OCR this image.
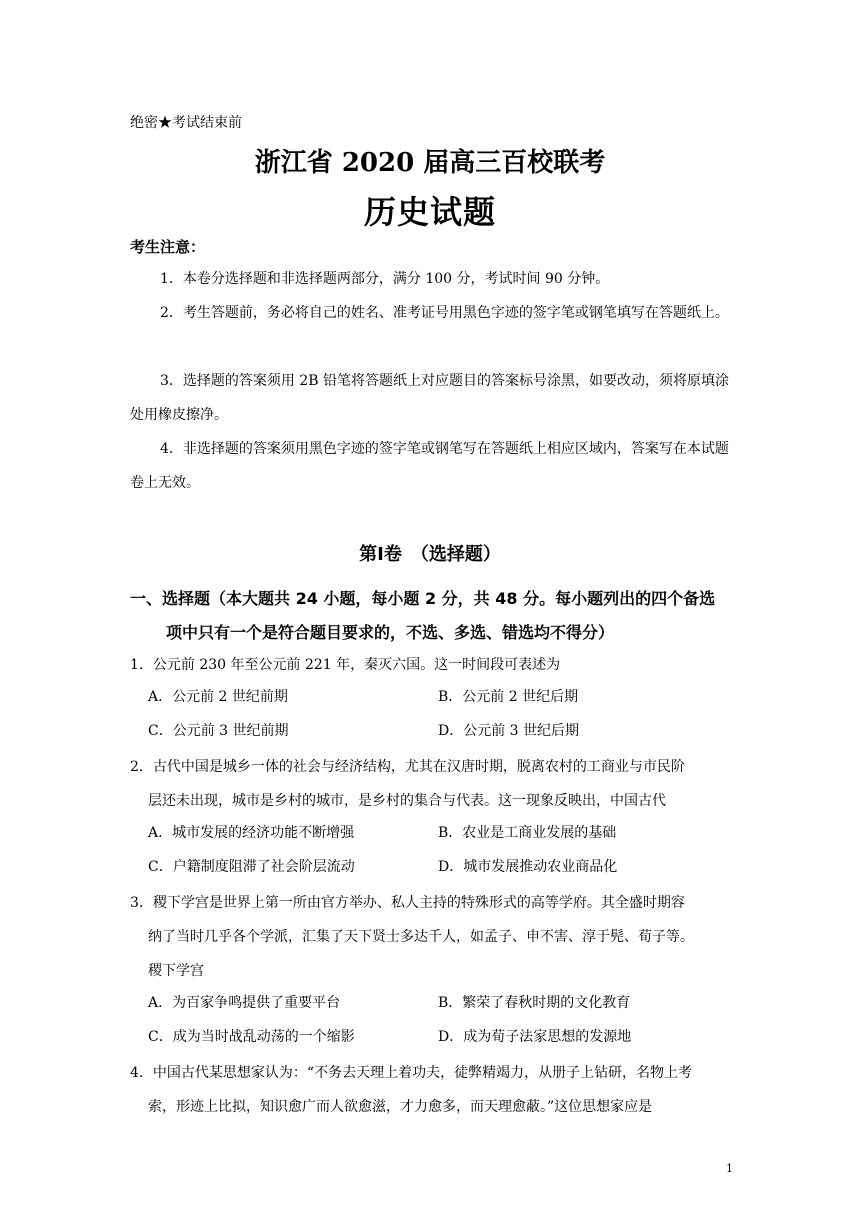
绝密★考试结束前
浙江省 2020 届高三百校联考
历史试题
考生注意：
1．本卷分选择题和非选择题两部分，满分 100 分，考试时间 90 分钟。
2．考生答题前，务必将自己的姓名、准考证号用黑色字迹的签字笔或钢笔填写在答题纸上。
3．选择题的答案须用 2B 铅笔将答题纸上对应题目的答案标号涂黑，如要改动，须将原填涂处用橡皮擦净。
4．非选择题的答案须用黑色字迹的签字笔或钢笔写在答题纸上相应区域内，答案写在本试题卷上无效。
第Ⅰ卷　（选择题）
一、选择题（本大题共 24 小题，每小题 2 分，共 48 分。每小题列出的四个备选
项中只有一个是符合题目要求的，不选、多选、错选均不得分）
1．公元前 230 年至公元前 221 年，秦灭六国。这一时间段可表述为
A．公元前 2 世纪前期	B．公元前 2 世纪后期
C．公元前 3 世纪前期	D．公元前 3 世纪后期
2．古代中国是城乡一体的社会与经济结构，尤其在汉唐时期，脱离农村的工商业与市民阶
层还未出现，城市是乡村的城市，是乡村的集合与代表。这一现象反映出，中国古代
A．城市发展的经济功能不断增强	B．农业是工商业发展的基础
C．户籍制度阻滞了社会阶层流动	D．城市发展推动农业商品化
3．稷下学宫是世界上第一所由官方举办、私人主持的特殊形式的高等学府。其全盛时期容
纳了当时几乎各个学派，汇集了天下贤士多达千人，如孟子、申不害、淳于髡、荀子等。
稷下学宫
A．为百家争鸣提供了重要平台	B．繁荣了春秋时期的文化教育
C．成为当时战乱动荡的一个缩影	D．成为荀子法家思想的发源地
4．中国古代某思想家认为：“不务去天理上着功夫，徒弊精竭力，从册子上钻研，名物上考
索，形迹上比拟，知识愈广而人欲愈滋，才力愈多，而天理愈蔽。”这位思想家应是
1
